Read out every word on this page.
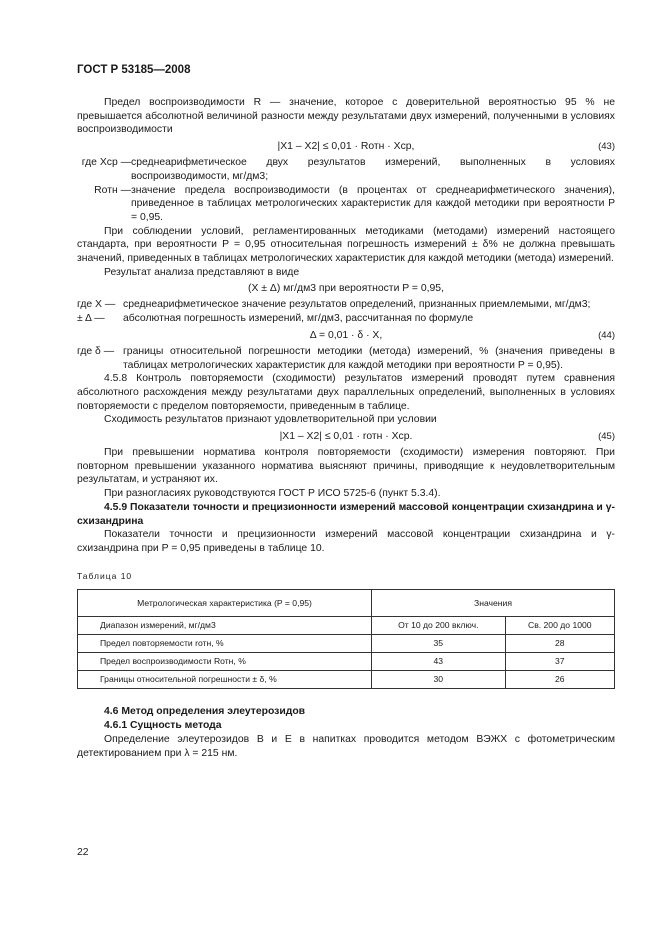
ГОСТ Р 53185—2008

Предел воспроизводимости R — значение, которое с доверительной вероятностью 95 % не превышается абсолютной величиной разности между результатами двух измерений, полученными в условиях воспроизводимости

|X1 – X2| ≤ 0,01 · Rотн · Xср,	(43)
где Xср — среднеарифметическое двух результатов измерений, выполненных в условиях воспроизводимости, мг/дм3;
Rотн — значение предела воспроизводимости (в процентах от среднеарифметического значения), приведенное в таблицах метрологических характеристик для каждой методики при вероятности P = 0,95.

При соблюдении условий, регламентированных методиками (методами) измерений настоящего стандарта, при вероятности P = 0,95 относительная погрешность измерений ± δ% не должна превышать значений, приведенных в таблицах метрологических характеристик для каждой методики (метода) измерений.

Результат анализа представляют в виде

(X ± Δ) мг/дм3 при вероятности P = 0,95,
где X — среднеарифметическое значение результатов определений, признанных приемлемыми, мг/дм3;
± Δ — абсолютная погрешность измерений, мг/дм3, рассчитанная по формуле
Δ = 0,01 · δ · X,	(44)
где δ — границы относительной погрешности методики (метода) измерений, % (значения приведены в таблицах метрологических характеристик для каждой методики при вероятности P = 0,95).

4.5.8 Контроль повторяемости (сходимости) результатов измерений проводят путем сравнения абсолютного расхождения между результатами двух параллельных определений, выполненных в условиях повторяемости с пределом повторяемости, приведенным в таблице.

Сходимость результатов признают удовлетворительной при условии

|X1 – X2| ≤ 0,01 · rотн · Xср.	(45)

При превышении норматива контроля повторяемости (сходимости) измерения повторяют. При повторном превышении указанного норматива выясняют причины, приводящие к неудовлетворительным результатам, и устраняют их.

При разногласиях руководствуются ГОСТ Р ИСО 5725-6 (пункт 5.3.4).

4.5.9 Показатели точности и прецизионности измерений массовой концентрации схизандрина и γ-схизандрина

Показатели точности и прецизионности измерений массовой концентрации схизандрина и γ-схизандрина при P = 0,95 приведены в таблице 10.

Таблица 10
Метрологическая характеристика (P = 0,95)	Значения	
Диапазон измерений, мг/дм3	От 10 до 200 включ.	Св. 200 до 1000
Предел повторяемости rотн, %	35	28
Предел воспроизводимости Rотн, %	43	37
Границы относительной погрешности ± δ, %	30	26

4.6 Метод определения элеутерозидов

4.6.1 Сущность метода

Определение элеутерозидов В и Е в напитках проводится методом ВЭЖХ с фотометрическим детектированием при λ = 215 нм.

22
